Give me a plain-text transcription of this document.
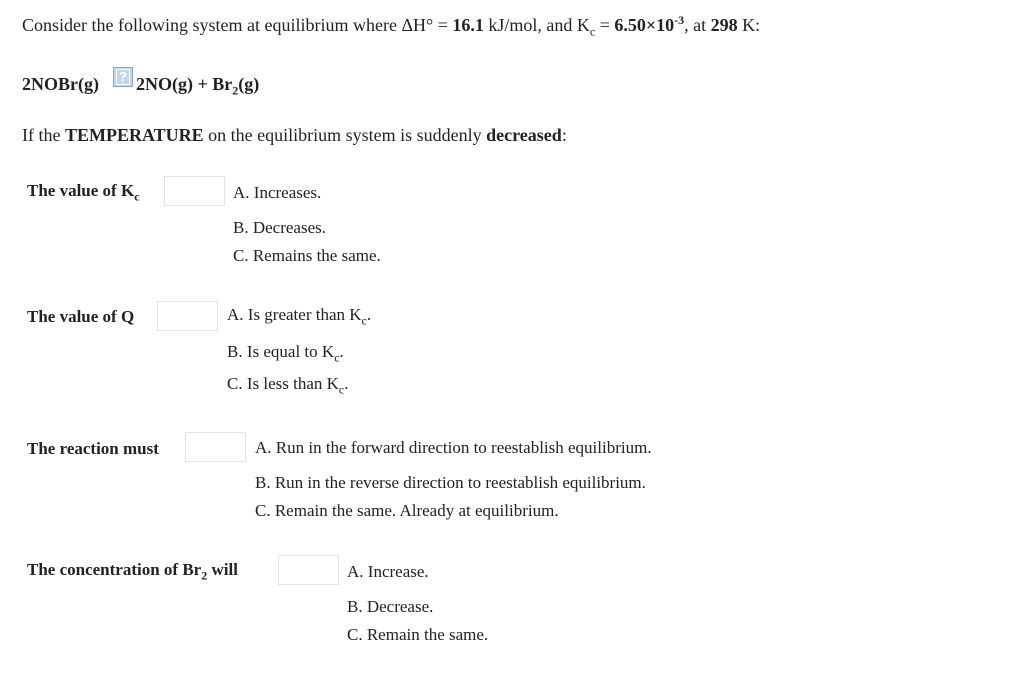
Consider the following system at equilibrium where ΔH° = 16.1 kJ/mol, and $K_c = 6.50\times 10^{-3}$, at 298 K:
2NOBr(g) ? $2NO(g) + Br_2(g)$
If the TEMPERATURE on the equilibrium system is suddenly decreased:
The value of $K_c$	A. Increases.
B. Decreases.
C. Remains the same.
The value of Q	A. Is greater than $K_c$.
B. Is equal to $K_c$.
C. Is less than $K_c$.
The reaction must	A. Run in the forward direction to reestablish equilibrium.
B. Run in the reverse direction to reestablish equilibrium.
C. Remain the same. Already at equilibrium.
The concentration of $Br_2$ will	A. Increase.
B. Decrease.
C. Remain the same.
